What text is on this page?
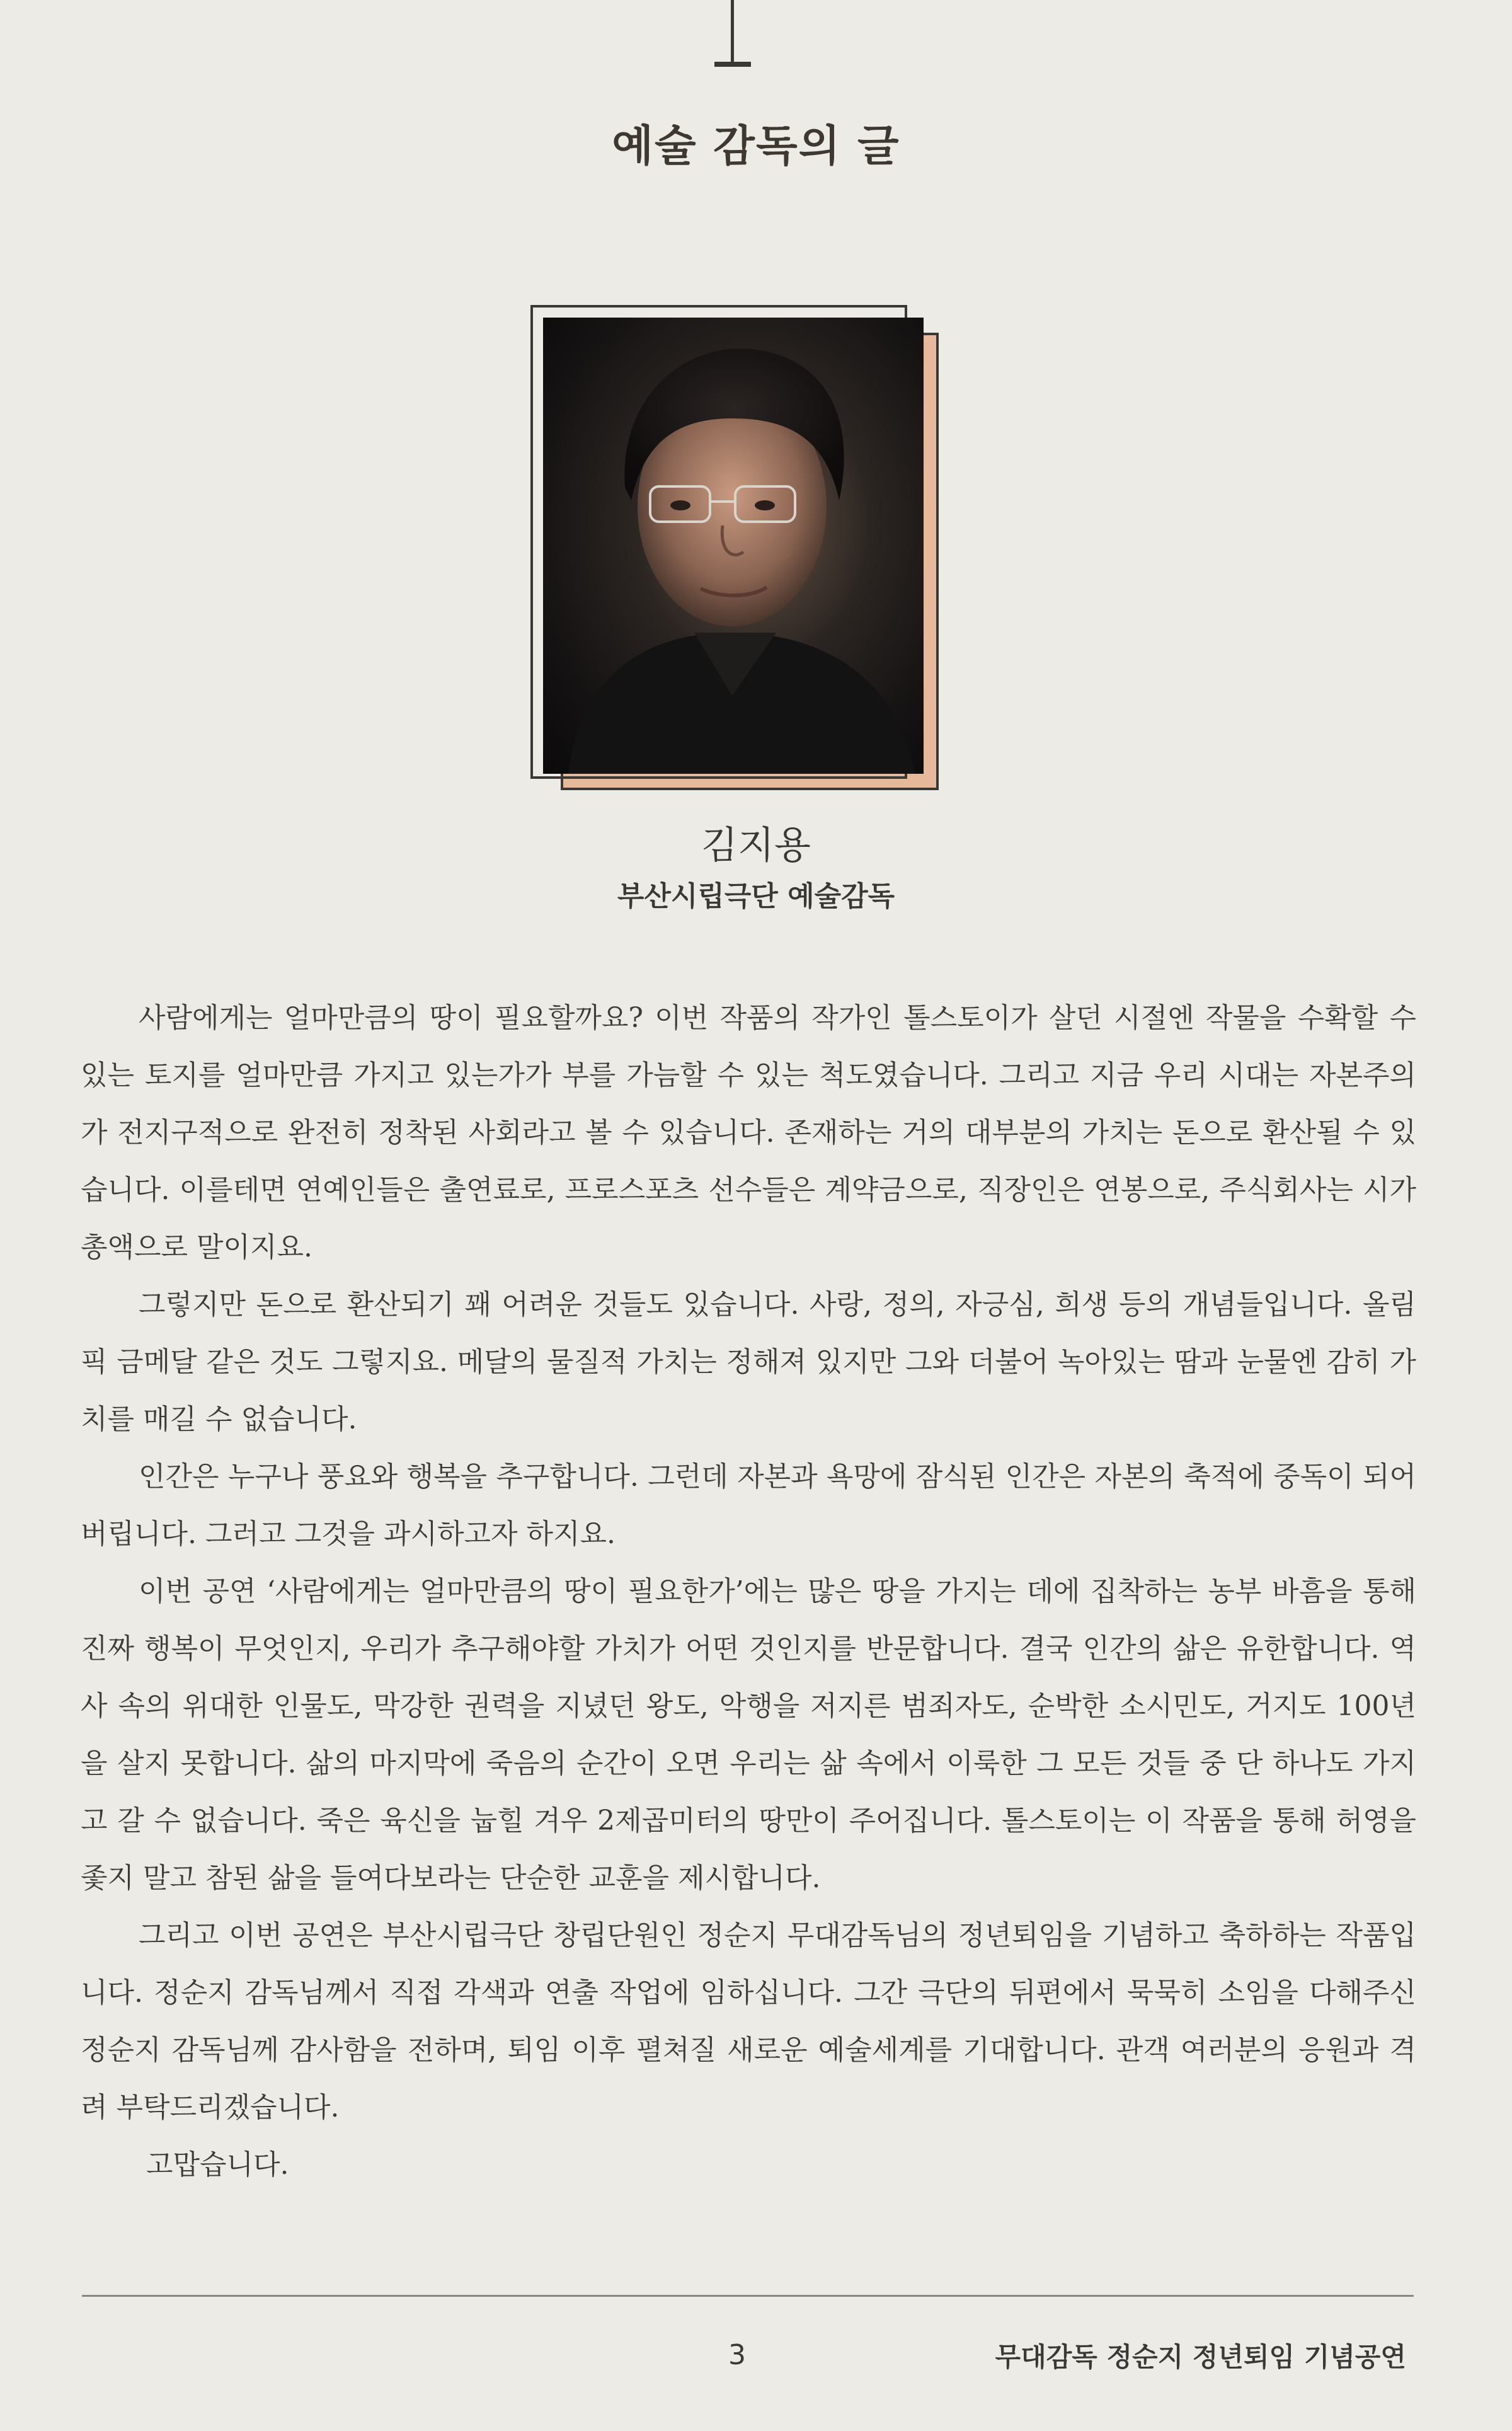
예술 감독의 글
김지용
부산시립극단 예술감독

사람에게는 얼마만큼의 땅이 필요할까요? 이번 작품의 작가인 톨스토이가 살던 시절엔 작물을 수확할 수 있는 토지를 얼마만큼 가지고 있는가가 부를 가늠할 수 있는 척도였습니다. 그리고 지금 우리 시대는 자본주의가 전지구적으로 완전히 정착된 사회라고 볼 수 있습니다. 존재하는 거의 대부분의 가치는 돈으로 환산될 수 있습니다. 이를테면 연예인들은 출연료로, 프로스포츠 선수들은 계약금으로, 직장인은 연봉으로, 주식회사는 시가총액으로 말이지요.

그렇지만 돈으로 환산되기 꽤 어려운 것들도 있습니다. 사랑, 정의, 자긍심, 희생 등의 개념들입니다. 올림픽 금메달 같은 것도 그렇지요. 메달의 물질적 가치는 정해져 있지만 그와 더불어 녹아있는 땀과 눈물엔 감히 가치를 매길 수 없습니다.

인간은 누구나 풍요와 행복을 추구합니다. 그런데 자본과 욕망에 잠식된 인간은 자본의 축적에 중독이 되어 버립니다. 그러고 그것을 과시하고자 하지요.

이번 공연 ‘사람에게는 얼마만큼의 땅이 필요한가’에는 많은 땅을 가지는 데에 집착하는 농부 바흠을 통해 진짜 행복이 무엇인지, 우리가 추구해야할 가치가 어떤 것인지를 반문합니다. 결국 인간의 삶은 유한합니다. 역사 속의 위대한 인물도, 막강한 권력을 지녔던 왕도, 악행을 저지른 범죄자도, 순박한 소시민도, 거지도 100년을 살지 못합니다. 삶의 마지막에 죽음의 순간이 오면 우리는 삶 속에서 이룩한 그 모든 것들 중 단 하나도 가지고 갈 수 없습니다. 죽은 육신을 눕힐 겨우 2제곱미터의 땅만이 주어집니다. 톨스토이는 이 작품을 통해 허영을 좇지 말고 참된 삶을 들여다보라는 단순한 교훈을 제시합니다.

그리고 이번 공연은 부산시립극단 창립단원인 정순지 무대감독님의 정년퇴임을 기념하고 축하하는 작품입니다. 정순지 감독님께서 직접 각색과 연출 작업에 임하십니다. 그간 극단의 뒤편에서 묵묵히 소임을 다해주신 정순지 감독님께 감사함을 전하며, 퇴임 이후 펼쳐질 새로운 예술세계를 기대합니다. 관객 여러분의 응원과 격려 부탁드리겠습니다.

고맙습니다.

3	무대감독 정순지 정년퇴임 기념공연
